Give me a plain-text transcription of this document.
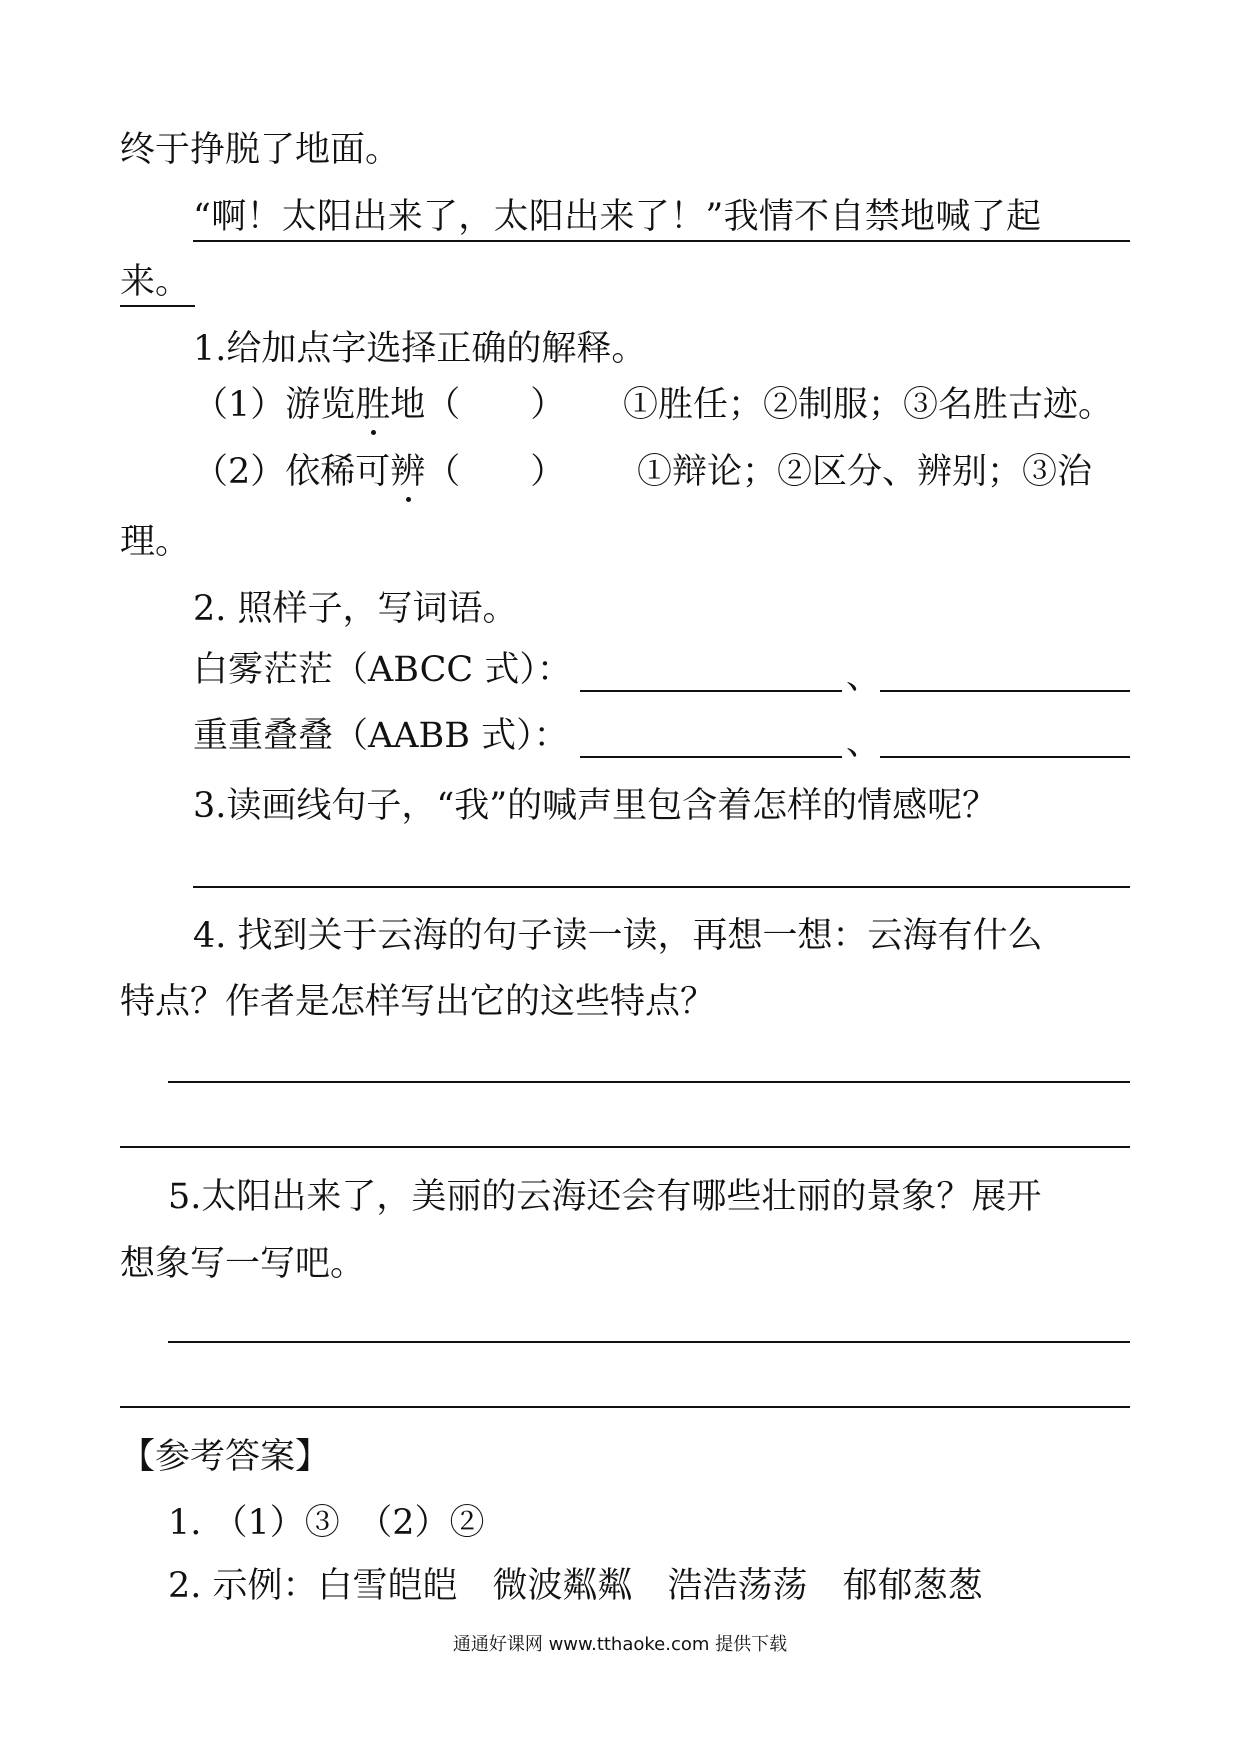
终于挣脱了地面。
“啊！太阳出来了，太阳出来了！”我情不自禁地喊了起
来。
1.给加点字选择正确的解释。
（1）游览胜地（　　） ①胜任；②制服；③名胜古迹。
（2）依稀可辨（　　） ①辩论；②区分、辨别；③治
理。
2. 照样子，写词语。
白雾茫茫（ABCC 式）：	、
重重叠叠（AABB 式）：	、
3.读画线句子，“我”的喊声里包含着怎样的情感呢？
4. 找到关于云海的句子读一读，再想一想：云海有什么
特点？作者是怎样写出它的这些特点？
5.太阳出来了，美丽的云海还会有哪些壮丽的景象？展开
想象写一写吧。
【参考答案】
1. （1）③　（2）②
2. 示例：白雪皑皑　微波粼粼　浩浩荡荡　郁郁葱葱
通通好课网 www.tthaoke.com 提供下载
